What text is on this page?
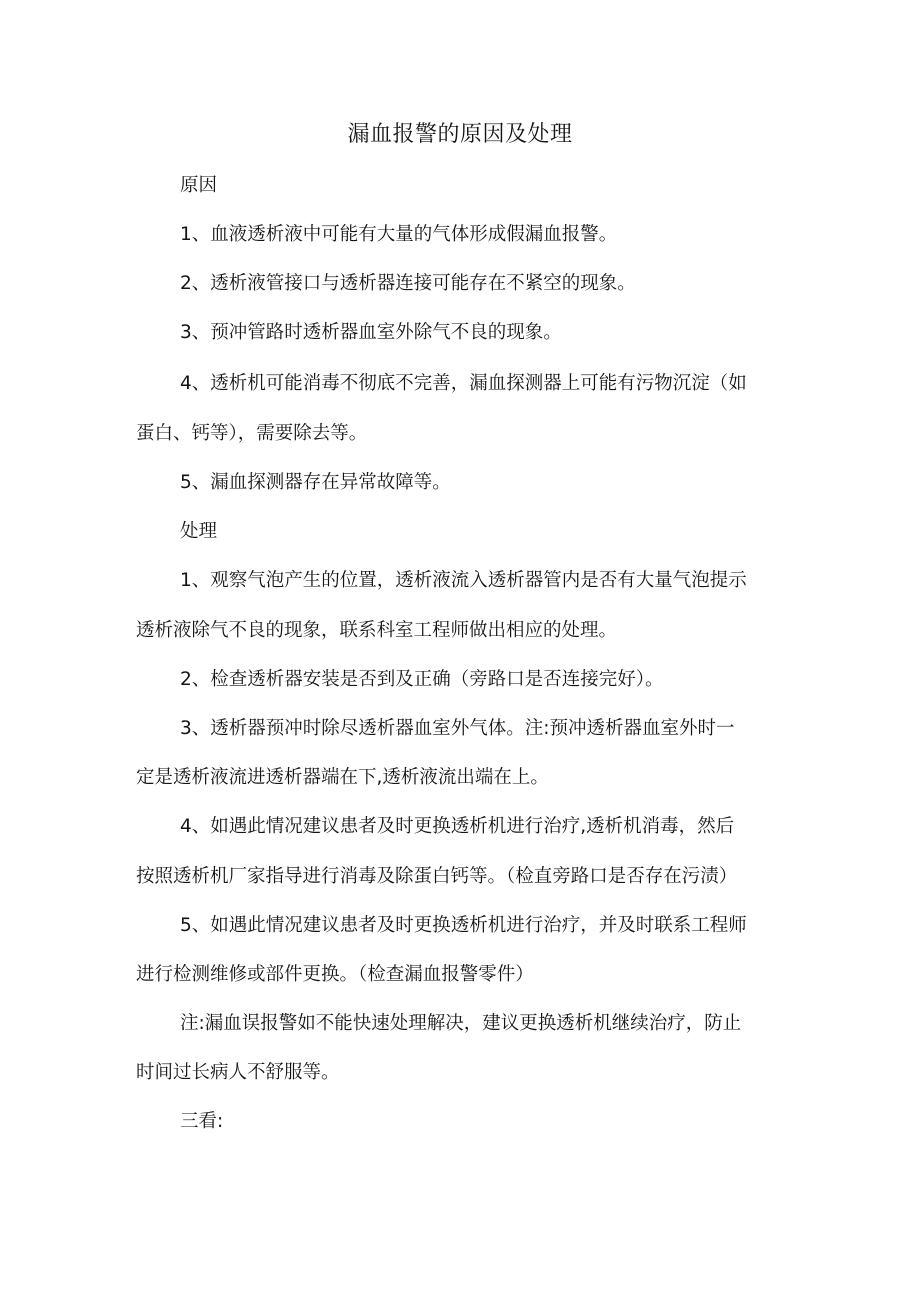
漏血报警的原因及处理
原因
1、血液透析液中可能有大量的气体形成假漏血报警。
2、透析液管接口与透析器连接可能存在不紧空的现象。
3、预冲管路时透析器血室外除气不良的现象。
4、透析机可能消毒不彻底不完善，漏血探测器上可能有污物沉淀（如
蛋白、钙等），需要除去等。
5、漏血探测器存在异常故障等。
处理
1、观察气泡产生的位置，透析液流入透析器管内是否有大量气泡提示
透析液除气不良的现象，联系科室工程师做出相应的处理。
2、检查透析器安装是否到及正确（旁路口是否连接完好）。
3、透析器预冲时除尽透析器血室外气体。注:预冲透析器血室外时一
定是透析液流进透析器端在下,透析液流出端在上。
4、如遇此情况建议患者及时更换透析机进行治疗,透析机消毒，然后
按照透析机厂家指导进行消毒及除蛋白钙等。（检直旁路口是否存在污渍）
5、如遇此情况建议患者及时更换透析机进行治疗，并及时联系工程师
进行检测维修或部件更换。（检查漏血报警零件）
注:漏血误报警如不能快速处理解决，建议更换透析机继续治疗，防止
时间过长病人不舒服等。
三看:
